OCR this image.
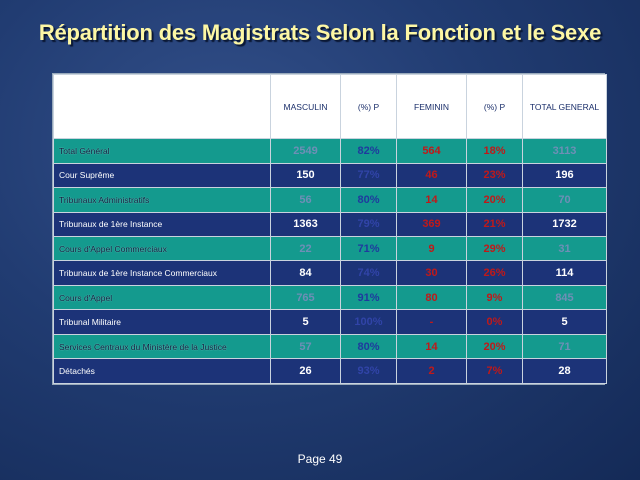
Répartition des Magistrats Selon la Fonction et le Sexe
	MASCULIN	(%) P	FEMININ	(%) P	TOTAL GENERAL
Total Général	2549	82%	564	18%	3113
Cour Suprême	150	77%	46	23%	196
Tribunaux Administratifs	56	80%	14	20%	70
Tribunaux de 1ère Instance	1363	79%	369	21%	1732
Cours d'Appel Commerciaux	22	71%	9	29%	31
Tribunaux de 1ère Instance Commerciaux	84	74%	30	26%	114
Cours d'Appel	765	91%	80	9%	845
Tribunal Militaire	5	100%	-	0%	5
Services Centraux du Ministère de la Justice	57	80%	14	20%	71
Détachés	26	93%	2	7%	28
Page 49
